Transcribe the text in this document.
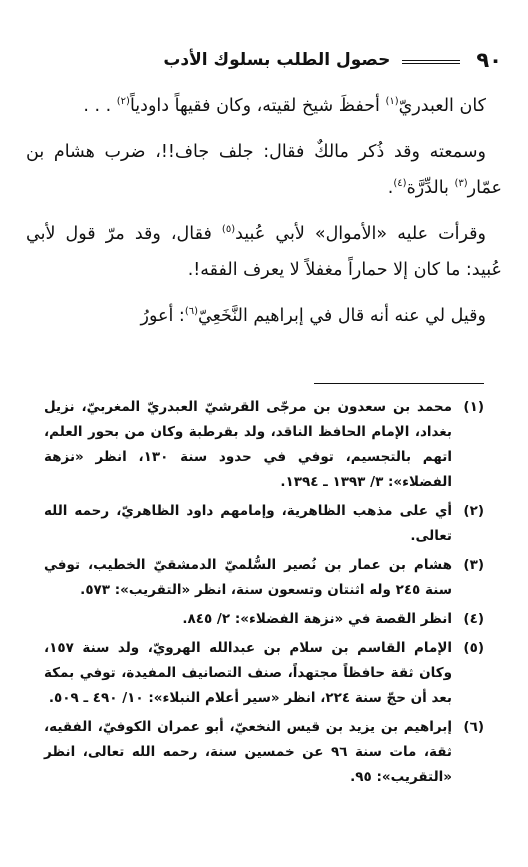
٩٠
حصول الطلب بسلوك الأدب

كان العبدريّ$^{(١)}$ أحفظَ شيخ لقيته، وكان فقيهاً داودياً$^{(٢)}$ . . .

وسمعته وقد ذُكر مالكٌ فقال: جلف جاف!!، ضرب هشام بن عمّار$^{(٣)}$ بالدِّرَّة$^{(٤)}$.

وقرأت عليه «الأموال» لأبي عُبيد$^{(٥)}$ فقال، وقد مرّ قول لأبي عُبيد: ما كان إلا حماراً مغفلاً لا يعرف الفقه!.

وقيل لي عنه أنه قال في إبراهيم النَّخَعِيّ$^{(٦)}$: أعورُ

(١)
محمد بن سعدون بن مرجّى القرشيّ العبدريّ المغربيّ، نزيل بغداد، الإمام الحافظ الناقد، ولد بقرطبة وكان من بحور العلم، اتهم بالتجسيم، توفي في حدود سنة ١٣٠، انظر «نزهة الفضلاء»: ٣/ ١٣٩٣ ـ ١٣٩٤.
(٢)
أي على مذهب الظاهرية، وإمامهم داود الظاهريّ، رحمه الله تعالى.
(٣)
هشام بن عمار بن نُصير السُّلميّ الدمشقيّ الخطيب، توفي سنة ٢٤٥ وله اثنتان وتسعون سنة، انظر «التقريب»: ٥٧٣.
(٤)
انظر القصة في «نزهة الفضلاء»: ٢/ ٨٤٥.
(٥)
الإمام القاسم بن سلام بن عبدالله الهرويّ، ولد سنة ١٥٧، وكان ثقة حافظاً مجتهداً، صنف التصانيف المفيدة، توفي بمكة بعد أن حجّ سنة ٢٢٤، انظر «سير أعلام النبلاء»: ١٠/ ٤٩٠ ـ ٥٠٩.
(٦)
إبراهيم بن يزيد بن قيس النخعيّ، أبو عمران الكوفيّ، الفقيه، ثقة، مات سنة ٩٦ عن خمسين سنة، رحمه الله تعالى، انظر «التقريب»: ٩٥.
